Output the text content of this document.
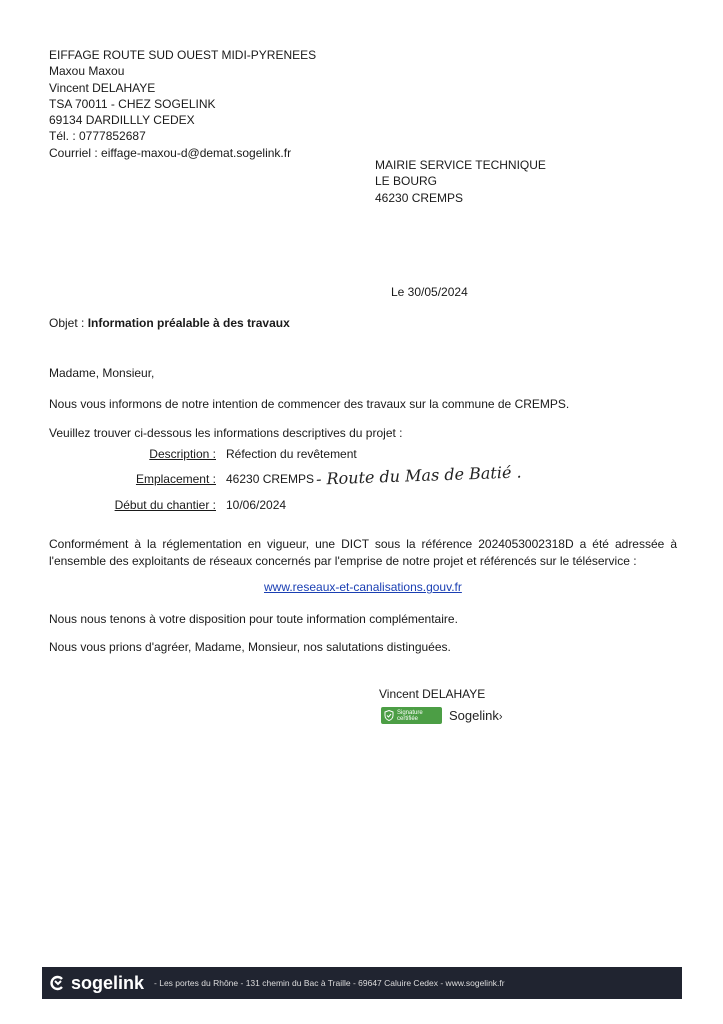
EIFFAGE ROUTE SUD OUEST MIDI-PYRENEES
Maxou Maxou
Vincent DELAHAYE
TSA 70011 - CHEZ SOGELINK
69134 DARDILLLY CEDEX
Tél. : 0777852687
Courriel : eiffage-maxou-d@demat.sogelink.fr
MAIRIE SERVICE TECHNIQUE
LE BOURG
46230 CREMPS
Le 30/05/2024
Objet : Information préalable à des travaux
Madame, Monsieur,
Nous vous informons de notre intention de commencer des travaux sur la commune de CREMPS.
Veuillez trouver ci-dessous les informations descriptives du projet :
Description : Réfection du revêtement
Emplacement : 46230 CREMPS
Début du chantier : 10/06/2024
- Route du Mas de Batié .
Conformément à la réglementation en vigueur, une DICT sous la référence 2024053002318D a été adressée à l'ensemble des exploitants de réseaux concernés par l'emprise de notre projet et référencés sur le téléservice :
www.reseaux-et-canalisations.gouv.fr
Nous nous tenons à votre disposition pour toute information complémentaire.
Nous vous prions d'agréer, Madame, Monsieur, nos salutations distinguées.
Vincent DELAHAYE
Signature
certifiée	Sogelink›
sogelink - Les portes du Rhône - 131 chemin du Bac à Traille - 69647 Caluire Cedex - www.sogelink.fr
